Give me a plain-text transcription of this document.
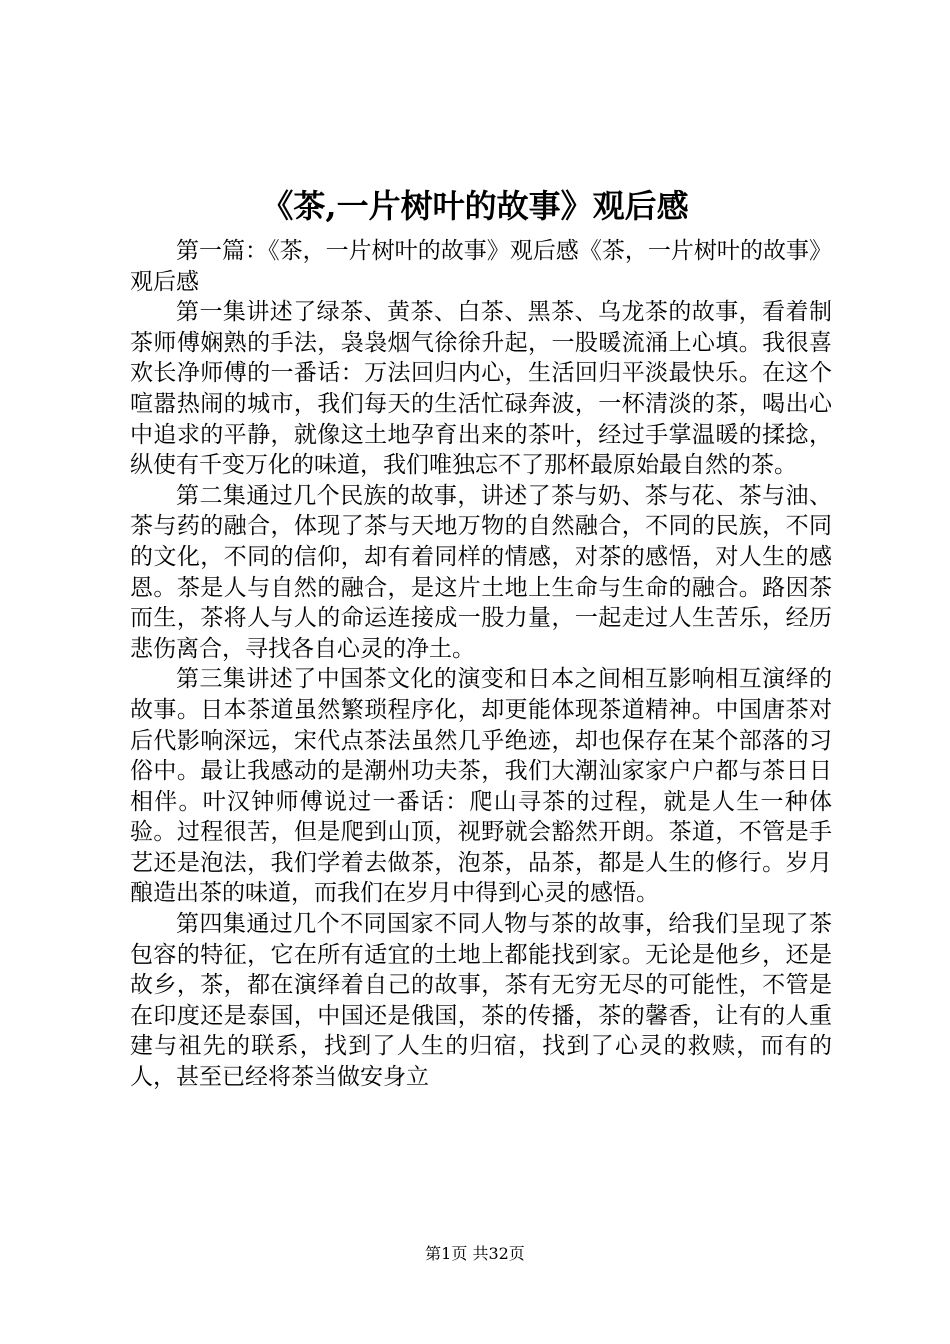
《茶,一片树叶的故事》观后感

第一篇：《茶，一片树叶的故事》观后感《茶，一片树叶的故事》观后感

第一集讲述了绿茶、黄茶、白茶、黑茶、乌龙茶的故事，看着制茶师傅娴熟的手法，袅袅烟气徐徐升起，一股暖流涌上心填。我很喜欢长净师傅的一番话：万法回归内心，生活回归平淡最快乐。在这个喧嚣热闹的城市，我们每天的生活忙碌奔波，一杯清淡的茶，喝出心中追求的平静，就像这土地孕育出来的茶叶，经过手掌温暖的揉捻，纵使有千变万化的味道，我们唯独忘不了那杯最原始最自然的茶。

第二集通过几个民族的故事，讲述了茶与奶、茶与花、茶与油、茶与药的融合，体现了茶与天地万物的自然融合，不同的民族，不同的文化，不同的信仰，却有着同样的情感，对茶的感悟，对人生的感恩。茶是人与自然的融合，是这片土地上生命与生命的融合。路因茶而生，茶将人与人的命运连接成一股力量，一起走过人生苦乐，经历悲伤离合，寻找各自心灵的净土。

第三集讲述了中国茶文化的演变和日本之间相互影响相互演绎的故事。日本茶道虽然繁琐程序化，却更能体现茶道精神。中国唐茶对后代影响深远，宋代点茶法虽然几乎绝迹，却也保存在某个部落的习俗中。最让我感动的是潮州功夫茶，我们大潮汕家家户户都与茶日日相伴。叶汉钟师傅说过一番话：爬山寻茶的过程，就是人生一种体验。过程很苦，但是爬到山顶，视野就会豁然开朗。茶道，不管是手艺还是泡法，我们学着去做茶，泡茶，品茶，都是人生的修行。岁月酿造出茶的味道，而我们在岁月中得到心灵的感悟。

第四集通过几个不同国家不同人物与茶的故事，给我们呈现了茶包容的特征，它在所有适宜的土地上都能找到家。无论是他乡，还是故乡，茶，都在演绎着自己的故事，茶有无穷无尽的可能性，不管是在印度还是泰国，中国还是俄国，茶的传播，茶的馨香，让有的人重建与祖先的联系，找到了人生的归宿，找到了心灵的救赎，而有的人，甚至已经将茶当做安身立

第1页 共32页
